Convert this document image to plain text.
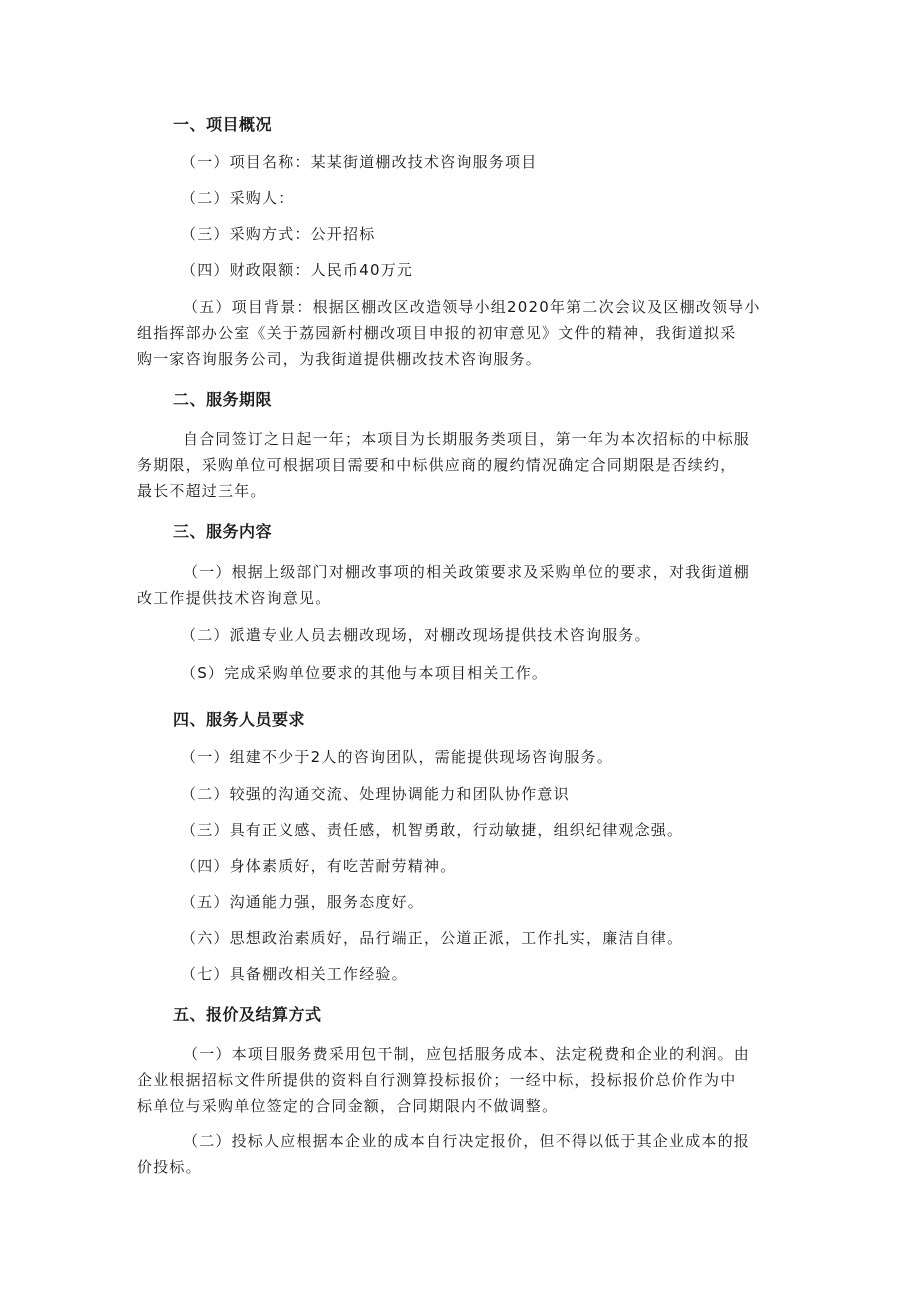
一、项目概况
（一）项目名称：某某街道棚改技术咨询服务项目
（二）采购人：
（三）采购方式：公开招标
（四）财政限额：人民币40万元
（五）项目背景：根据区棚改区改造领导小组2020年第二次会议及区棚改领导小
组指挥部办公室《关于荔园新村棚改项目申报的初审意见》文件的精神，我街道拟采
购一家咨询服务公司，为我街道提供棚改技术咨询服务。
二、服务期限
自合同签订之日起一年；本项目为长期服务类项目，第一年为本次招标的中标服
务期限，采购单位可根据项目需要和中标供应商的履约情况确定合同期限是否续约，
最长不超过三年。
三、服务内容
（一）根据上级部门对棚改事项的相关政策要求及采购单位的要求，对我街道棚
改工作提供技术咨询意见。
（二）派遣专业人员去棚改现场，对棚改现场提供技术咨询服务。
（S）完成采购单位要求的其他与本项目相关工作。
四、服务人员要求
（一）组建不少于2人的咨询团队，需能提供现场咨询服务。
（二）较强的沟通交流、处理协调能力和团队协作意识
（三）具有正义感、责任感，机智勇敢，行动敏捷，组织纪律观念强。
（四）身体素质好，有吃苦耐劳精神。
（五）沟通能力强，服务态度好。
（六）思想政治素质好，品行端正，公道正派，工作扎实，廉洁自律。
（七）具备棚改相关工作经验。
五、报价及结算方式
（一）本项目服务费采用包干制，应包括服务成本、法定税费和企业的利润。由
企业根据招标文件所提供的资料自行测算投标报价；一经中标，投标报价总价作为中
标单位与采购单位签定的合同金额，合同期限内不做调整。
（二）投标人应根据本企业的成本自行决定报价，但不得以低于其企业成本的报
价投标。
